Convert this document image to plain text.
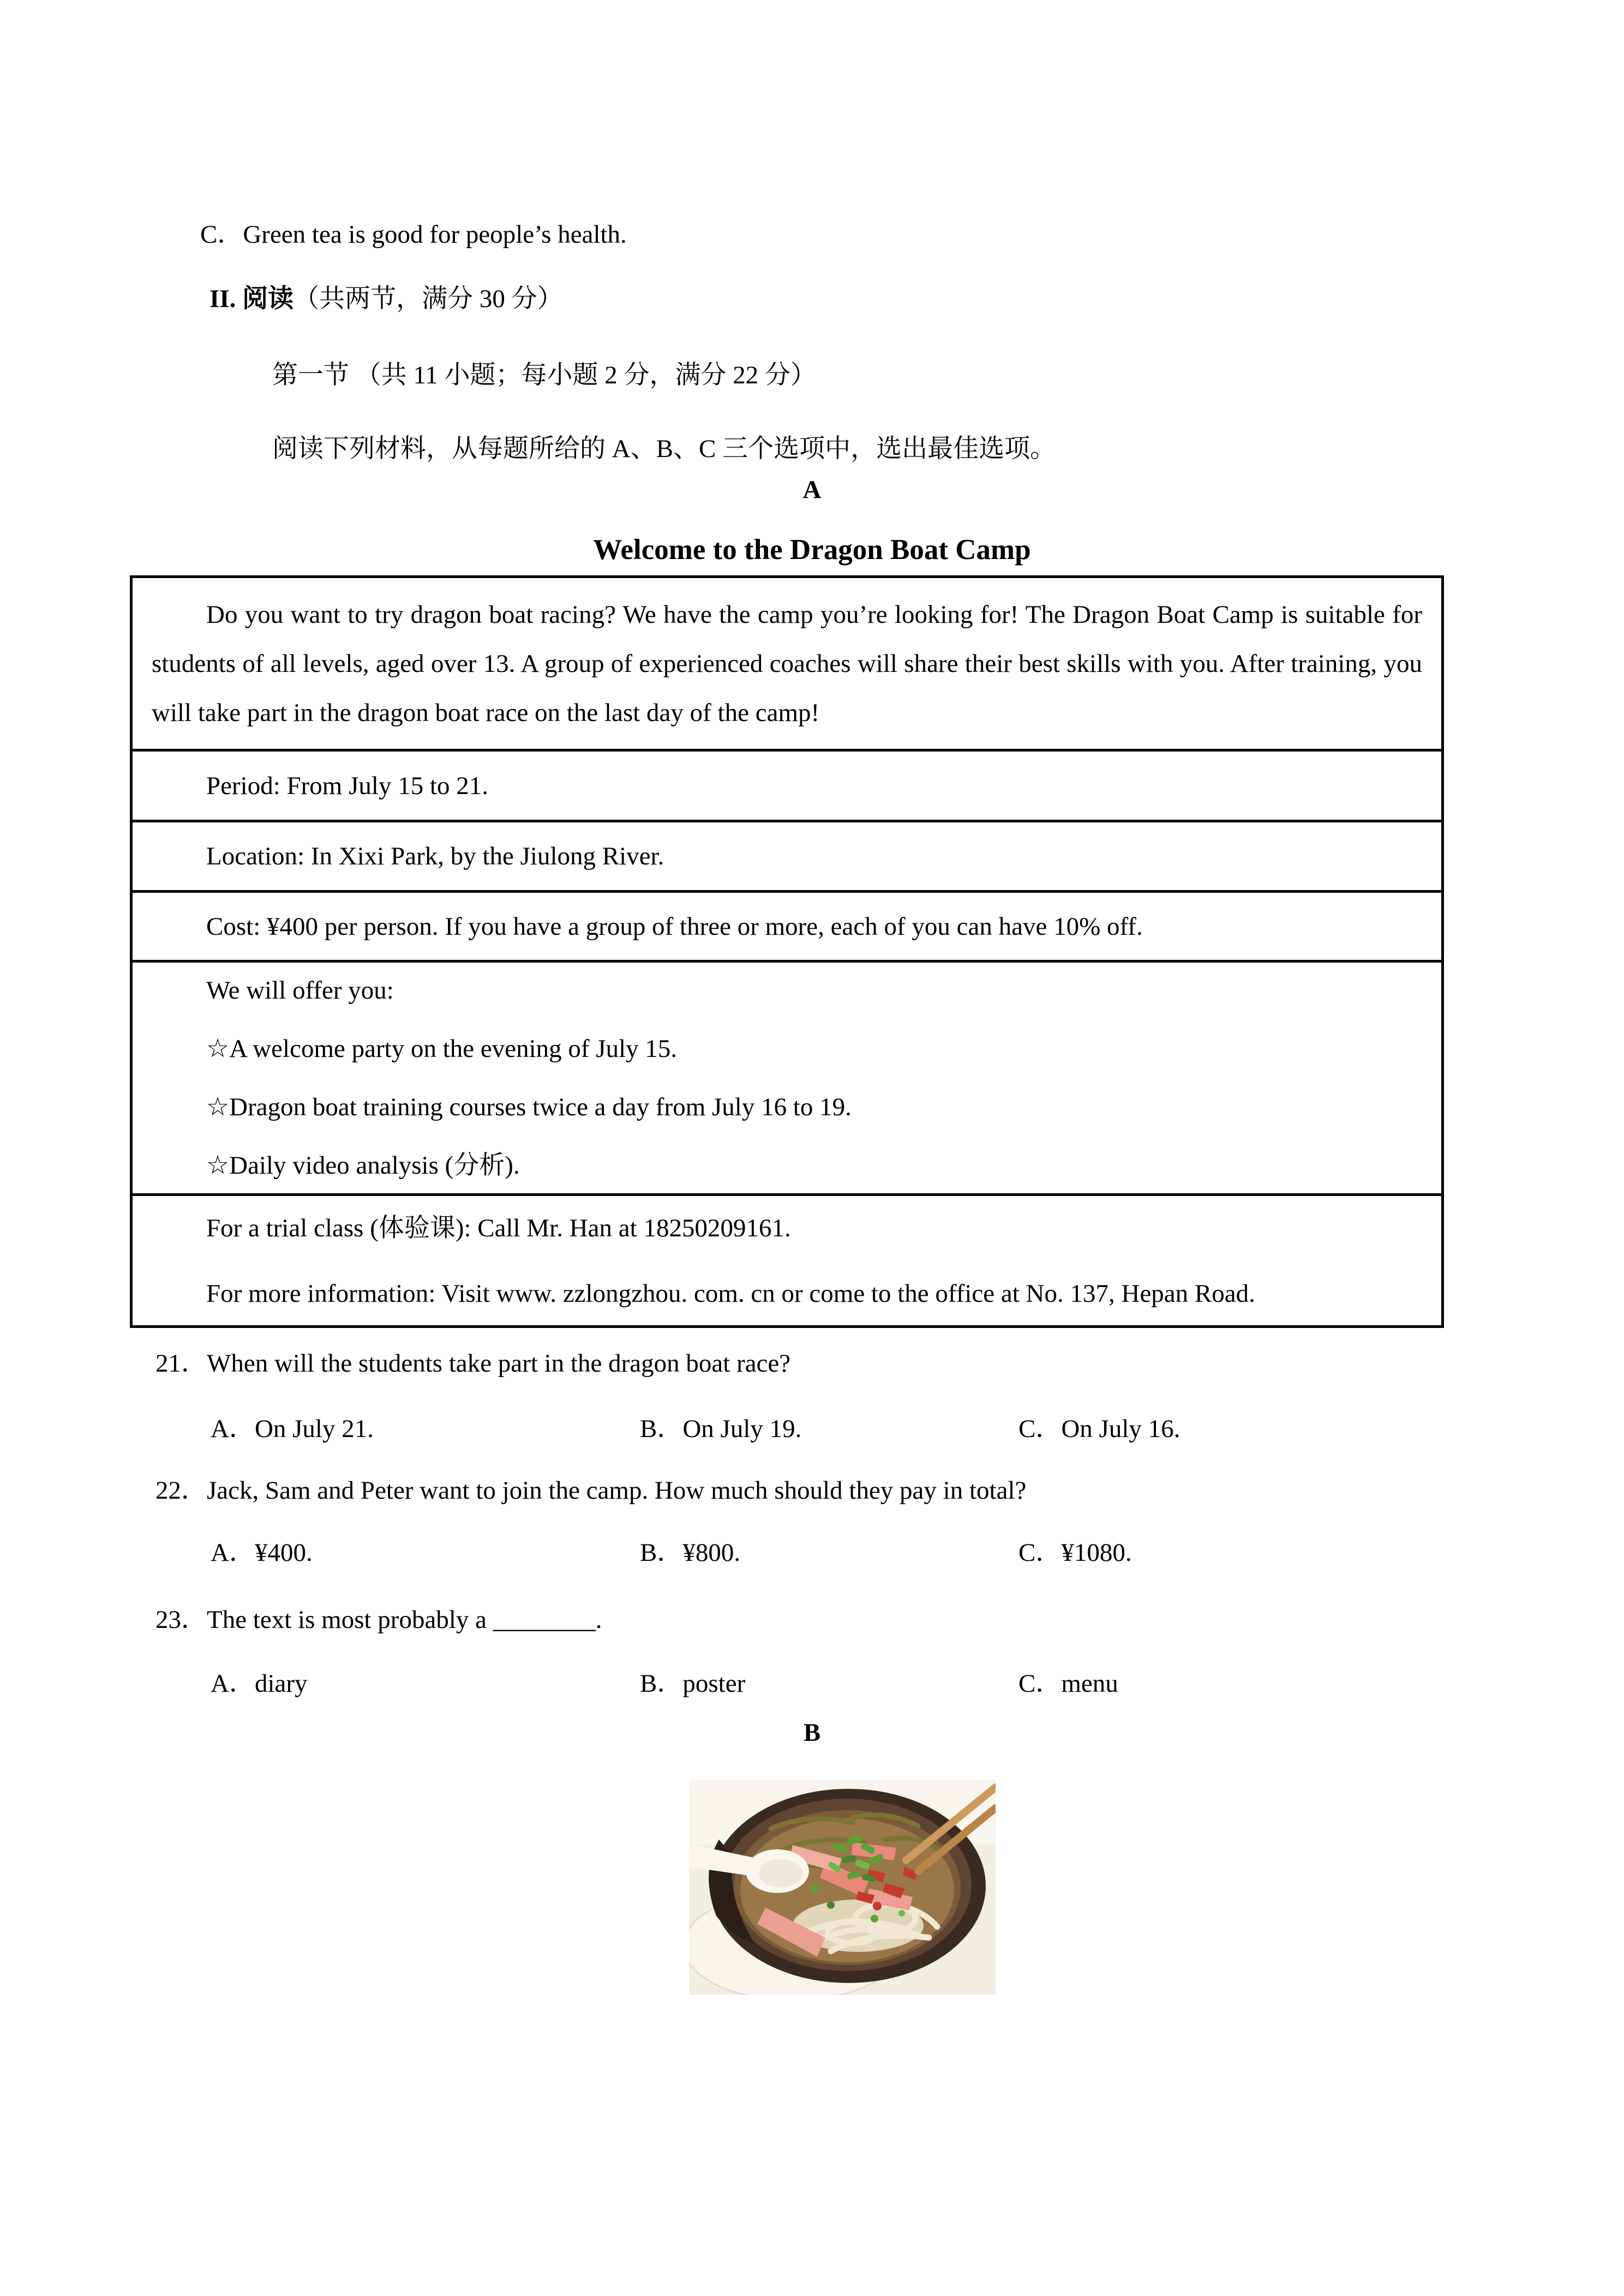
C．Green tea is good for people’s health.
II. 阅读（共两节，满分 30 分）
第一节 （共 11 小题；每小题 2 分，满分 22 分）
阅读下列材料，从每题所给的 A、B、C 三个选项中，选出最佳选项。
A
Welcome to the Dragon Boat Camp

Do you want to try dragon boat racing? We have the camp you’re looking for! The Dragon Boat Camp is suitable for students of all levels, aged over 13. A group of experienced coaches will share their best skills with you. After training, you will take part in the dragon boat race on the last day of the camp!

Period: From July 15 to 21.

Location: In Xixi Park, by the Jiulong River.

Cost: ¥400 per person. If you have a group of three or more, each of you can have 10% off.

We will offer you:

☆A welcome party on the evening of July 15.

☆Dragon boat training courses twice a day from July 16 to 19.

☆Daily video analysis (分析).

For a trial class (体验课): Call Mr. Han at 18250209161.

For more information: Visit www. zzlongzhou. com. cn or come to the office at No. 137, Hepan Road.

21．When will the students take part in the dragon boat race?
A．On July 21.	B．On July 19.	C．On July 16.
22．Jack, Sam and Peter want to join the camp. How much should they pay in total?
A．¥400.	B．¥800.	C．¥1080.
23．The text is most probably a ________.
A．diary	B．poster	C．menu
B
